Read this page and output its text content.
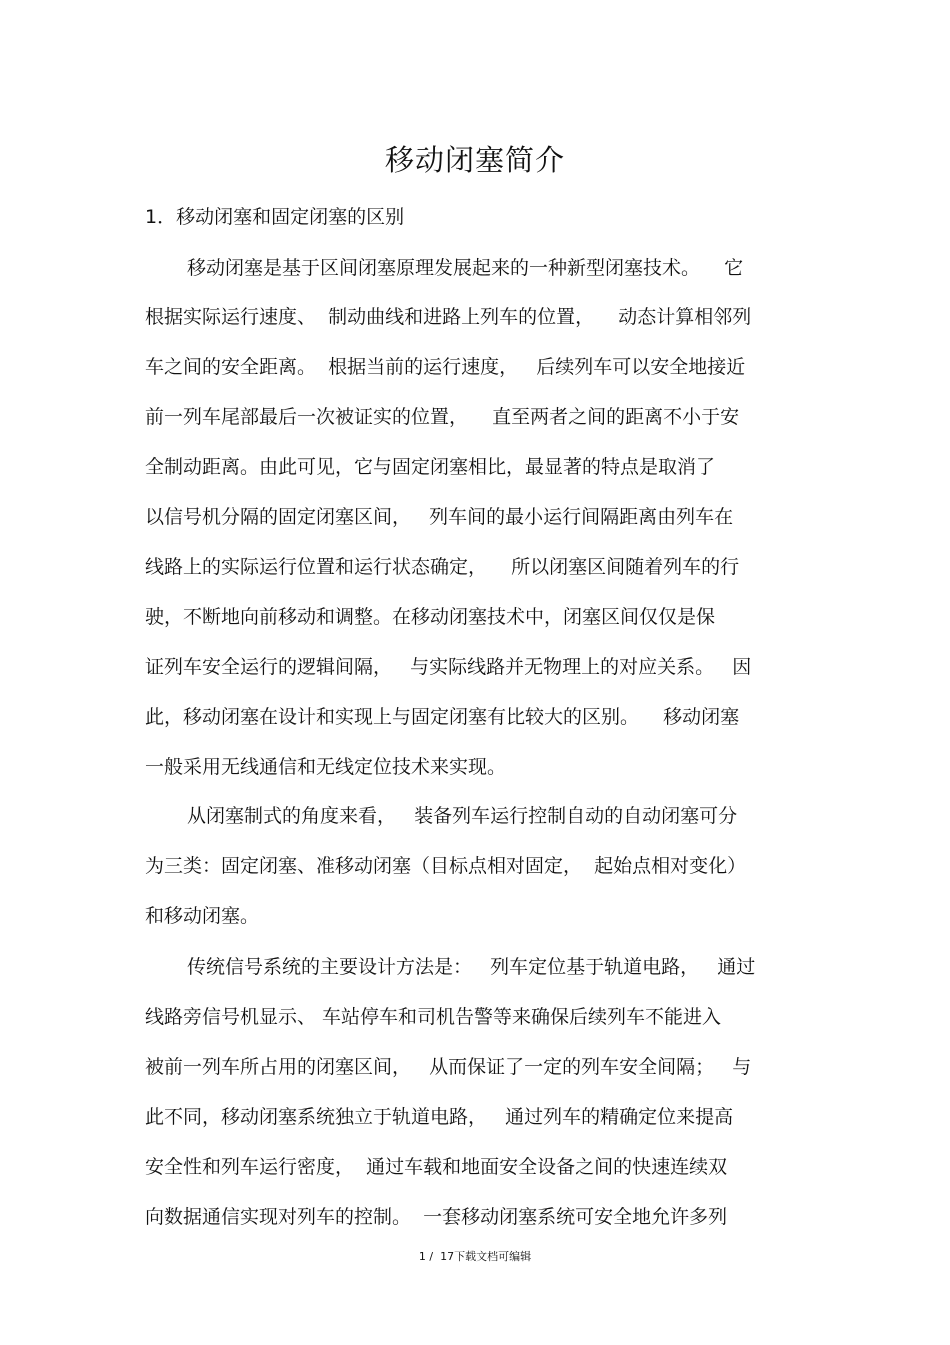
移动闭塞简介
1．移动闭塞和固定闭塞的区别
移动闭塞是基于区间闭塞原理发展起来的一种新型闭塞技术。    它
根据实际运行速度、  制动曲线和进路上列车的位置，    动态计算相邻列
车之间的安全距离。  根据当前的运行速度，   后续列车可以安全地接近
前一列车尾部最后一次被证实的位置，    直至两者之间的距离不小于安
全制动距离。由此可见，它与固定闭塞相比，最显著的特点是取消了
以信号机分隔的固定闭塞区间，   列车间的最小运行间隔距离由列车在
线路上的实际运行位置和运行状态确定，    所以闭塞区间随着列车的行
驶，不断地向前移动和调整。在移动闭塞技术中，闭塞区间仅仅是保
证列车安全运行的逻辑间隔，   与实际线路并无物理上的对应关系。   因
此，移动闭塞在设计和实现上与固定闭塞有比较大的区别。    移动闭塞
一般采用无线通信和无线定位技术来实现。
从闭塞制式的角度来看，   装备列车运行控制自动的自动闭塞可分
为三类：固定闭塞、准移动闭塞（目标点相对固定，  起始点相对变化）
和移动闭塞。
传统信号系统的主要设计方法是：   列车定位基于轨道电路，   通过
线路旁信号机显示、 车站停车和司机告警等来确保后续列车不能进入
被前一列车所占用的闭塞区间，   从而保证了一定的列车安全间隔；   与
此不同，移动闭塞系统独立于轨道电路，   通过列车的精确定位来提高
安全性和列车运行密度，  通过车载和地面安全设备之间的快速连续双
向数据通信实现对列车的控制。  一套移动闭塞系统可安全地允许多列
1 /  17下载文档可编辑
